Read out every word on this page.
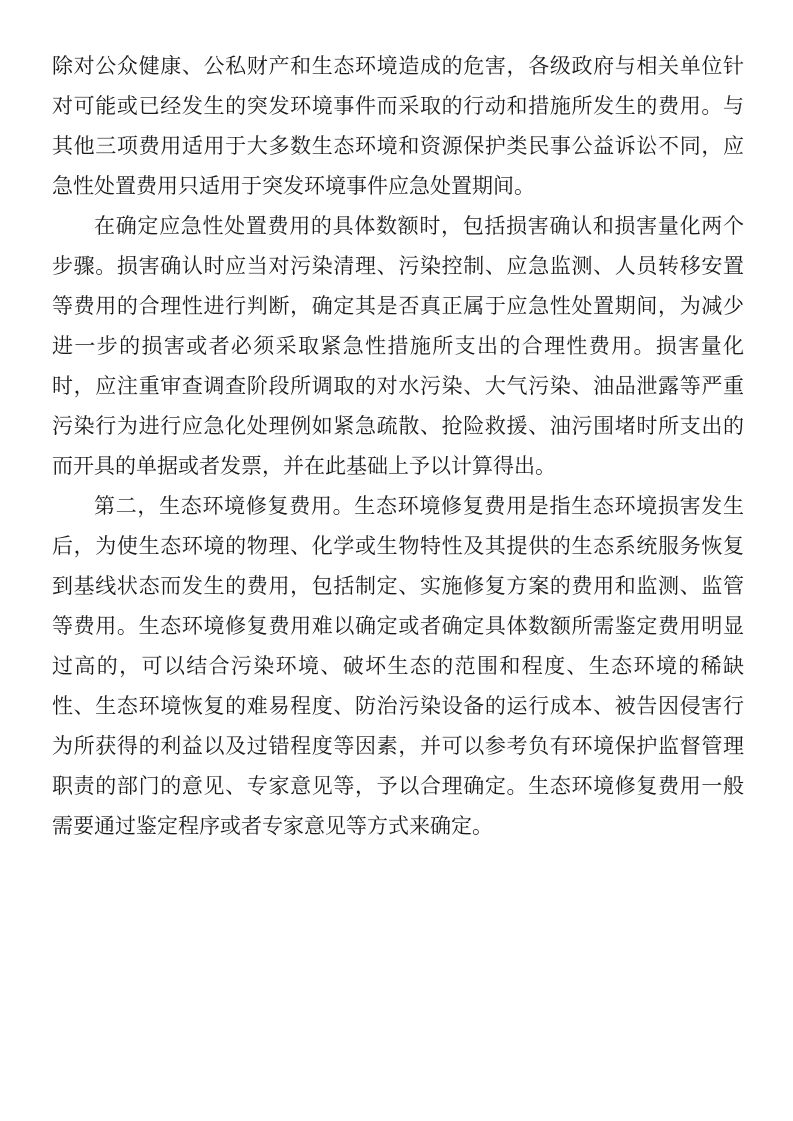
除对公众健康、公私财产和生态环境造成的危害，各级政府与相关单位针对可能或已经发生的突发环境事件而采取的行动和措施所发生的费用。与其他三项费用适用于大多数生态环境和资源保护类民事公益诉讼不同，应急性处置费用只适用于突发环境事件应急处置期间。

在确定应急性处置费用的具体数额时，包括损害确认和损害量化两个步骤。损害确认时应当对污染清理、污染控制、应急监测、人员转移安置等费用的合理性进行判断，确定其是否真正属于应急性处置期间，为减少进一步的损害或者必须采取紧急性措施所支出的合理性费用。损害量化时，应注重审查调查阶段所调取的对水污染、大气污染、油品泄露等严重污染行为进行应急化处理例如紧急疏散、抢险救援、油污围堵时所支出的而开具的单据或者发票，并在此基础上予以计算得出。

第二，生态环境修复费用。生态环境修复费用是指生态环境损害发生后，为使生态环境的物理、化学或生物特性及其提供的生态系统服务恢复到基线状态而发生的费用，包括制定、实施修复方案的费用和监测、监管等费用。生态环境修复费用难以确定或者确定具体数额所需鉴定费用明显过高的，可以结合污染环境、破坏生态的范围和程度、生态环境的稀缺性、生态环境恢复的难易程度、防治污染设备的运行成本、被告因侵害行为所获得的利益以及过错程度等因素，并可以参考负有环境保护监督管理职责的部门的意见、专家意见等，予以合理确定。生态环境修复费用一般需要通过鉴定程序或者专家意见等方式来确定。
